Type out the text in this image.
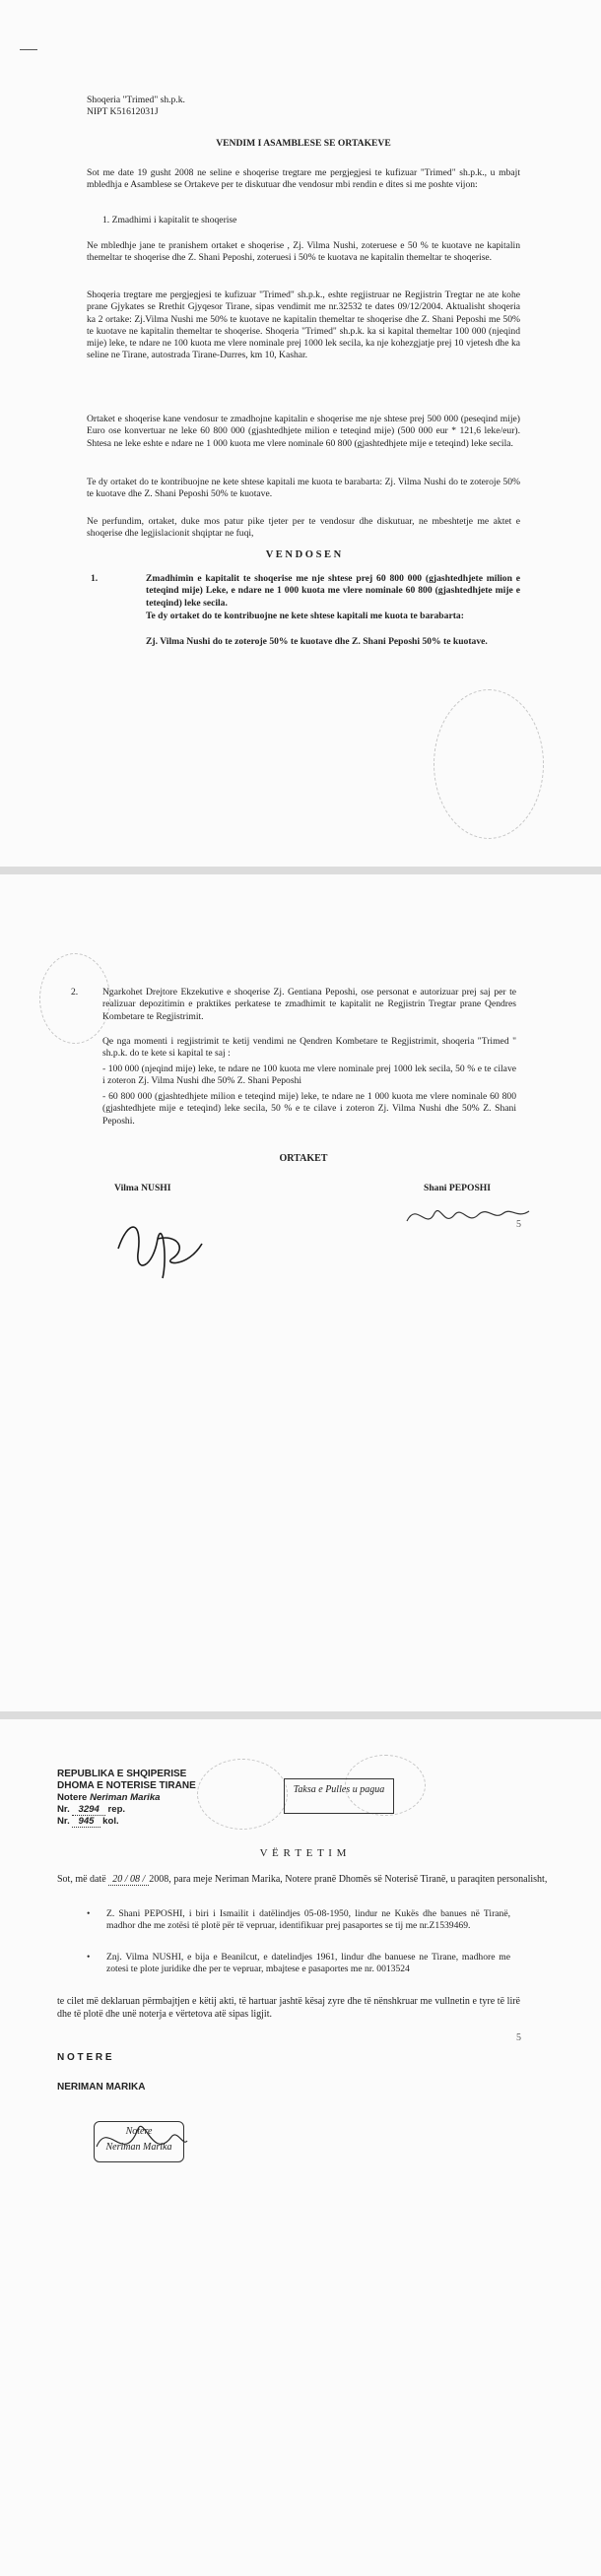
Shoqeria "Trimed" sh.p.k.
NIPT K51612031J
VENDIM I ASAMBLESE SE ORTAKEVE
Sot me date 19 gusht 2008 ne seline e shoqerise tregtare me pergjegjesi te kufizuar "Trimed" sh.p.k., u mbajt mbledhja e Asamblese se Ortakeve per te diskutuar dhe vendosur mbi rendin e dites si me poshte vijon:
1. Zmadhimi i kapitalit te shoqerise
Ne mbledhje jane te pranishem ortaket e shoqerise , Zj. Vilma Nushi, zoteruese e 50 % te kuotave ne kapitalin themeltar te shoqerise dhe Z. Shani Peposhi, zoteruesi i 50% te kuotava ne kapitalin themeltar te shoqerise.
Shoqeria tregtare me pergjegjesi te kufizuar "Trimed" sh.p.k., eshte regjistruar ne Regjistrin Tregtar ne ate kohe prane Gjykates se Rrethit Gjyqesor Tirane, sipas vendimit me nr.32532 te dates 09/12/2004. Aktualisht shoqeria ka 2 ortake: Zj.Vilma Nushi me 50% te kuotave ne kapitalin themeltar te shoqerise dhe Z. Shani Peposhi me 50% te kuotave ne kapitalin themeltar te shoqerise. Shoqeria "Trimed" sh.p.k. ka si kapital themeltar 100 000 (njeqind mije) leke, te ndare ne 100 kuota me vlere nominale prej 1000 lek secila, ka nje kohezgjatje prej 10 vjetesh dhe ka seline ne Tirane, autostrada Tirane-Durres, km 10, Kashar.
Ortaket e shoqerise kane vendosur te zmadhojne kapitalin e shoqerise me nje shtese prej 500 000 (peseqind mije) Euro ose konvertuar ne leke 60 800 000 (gjashtedhjete milion e teteqind mije) (500 000 eur * 121,6 leke/eur). Shtesa ne leke eshte e ndare ne 1 000 kuota me vlere nominale 60 800 (gjashtedhjete mije e teteqind) leke secila.
Te dy ortaket do te kontribuojne ne kete shtese kapitali me kuota te barabarta: Zj. Vilma Nushi do te zoteroje 50% te kuotave dhe Z. Shani Peposhi 50% te kuotave.
Ne perfundim, ortaket, duke mos patur pike tjeter per te vendosur dhe diskutuar, ne mbeshtetje me aktet e shoqerise dhe legjislacionit shqiptar ne fuqi,
V E N D O S E N
1.	Zmadhimin e kapitalit te shoqerise me nje shtese prej 60 800 000 (gjashtedhjete milion e teteqind mije) Leke, e ndare ne 1 000 kuota me vlere nominale 60 800 (gjashtedhjete mije e teteqind) leke secila.
Te dy ortaket do te kontribuojne ne kete shtese kapitali me kuota te barabarta:
Zj. Vilma Nushi do te zoteroje 50% te kuotave dhe Z. Shani Peposhi 50% te kuotave.
2.	Ngarkohet Drejtore Ekzekutive e shoqerise Zj. Gentiana Peposhi, ose personat e autorizuar prej saj per te realizuar depozitimin e praktikes perkatese te zmadhimit te kapitalit ne Regjistrin Tregtar prane Qendres Kombetare te Regjistrimit.
Qe nga momenti i regjistrimit te ketij vendimi ne Qendren Kombetare te Regjistrimit, shoqeria "Trimed " sh.p.k. do te kete si kapital te saj :
- 100 000 (njeqind mije) leke, te ndare ne 100 kuota me vlere nominale prej 1000 lek secila, 50 % e te cilave i zoteron Zj. Vilma Nushi dhe 50% Z. Shani Peposhi
- 60 800 000 (gjashtedhjete milion e teteqind mije) leke, te ndare ne 1 000 kuota me vlere nominale 60 800 (gjashtedhjete mije e teteqind) leke secila, 50 % e te cilave i zoteron Zj. Vilma Nushi dhe 50% Z. Shani Peposhi.
ORTAKET
Vilma NUSHI	Shani PEPOSHI
5
REPUBLIKA E SHQIPERISE
DHOMA E NOTERISE TIRANE
Notere Neriman Marika
Nr. 3294 rep.
Nr. 945 kol.
Taksa e Pulles u pagua
V Ë R T E T I M
Sot, më datë 20 / 08 / 2008, para meje Neriman Marika, Notere pranë Dhomës së Noterisë Tiranë, u paraqiten personalisht,
•	Z. Shani PEPOSHI, i biri i Ismailit i datëlindjes 05-08-1950, lindur ne Kukës dhe banues në Tiranë, madhor dhe me zotësi të plotë për të vepruar, identifikuar prej pasaportes se tij me nr.Z1539469.
•	Znj. Vilma NUSHI, e bija e Beanilcut, e datelindjes 1961, lindur dhe banuese ne Tirane, madhore me zotesi te plote juridike dhe per te vepruar, mbajtese e pasaportes me nr. 0013524
te cilet më deklaruan përmbajtjen e këtij akti, të hartuar jashtë kësaj zyre dhe të nënshkruar me vullnetin e tyre të lirë dhe të plotë dhe unë noterja e vërtetova atë sipas ligjit.
5
N O T E R E
NERIMAN MARIKA
Notere
Neriman Marika
